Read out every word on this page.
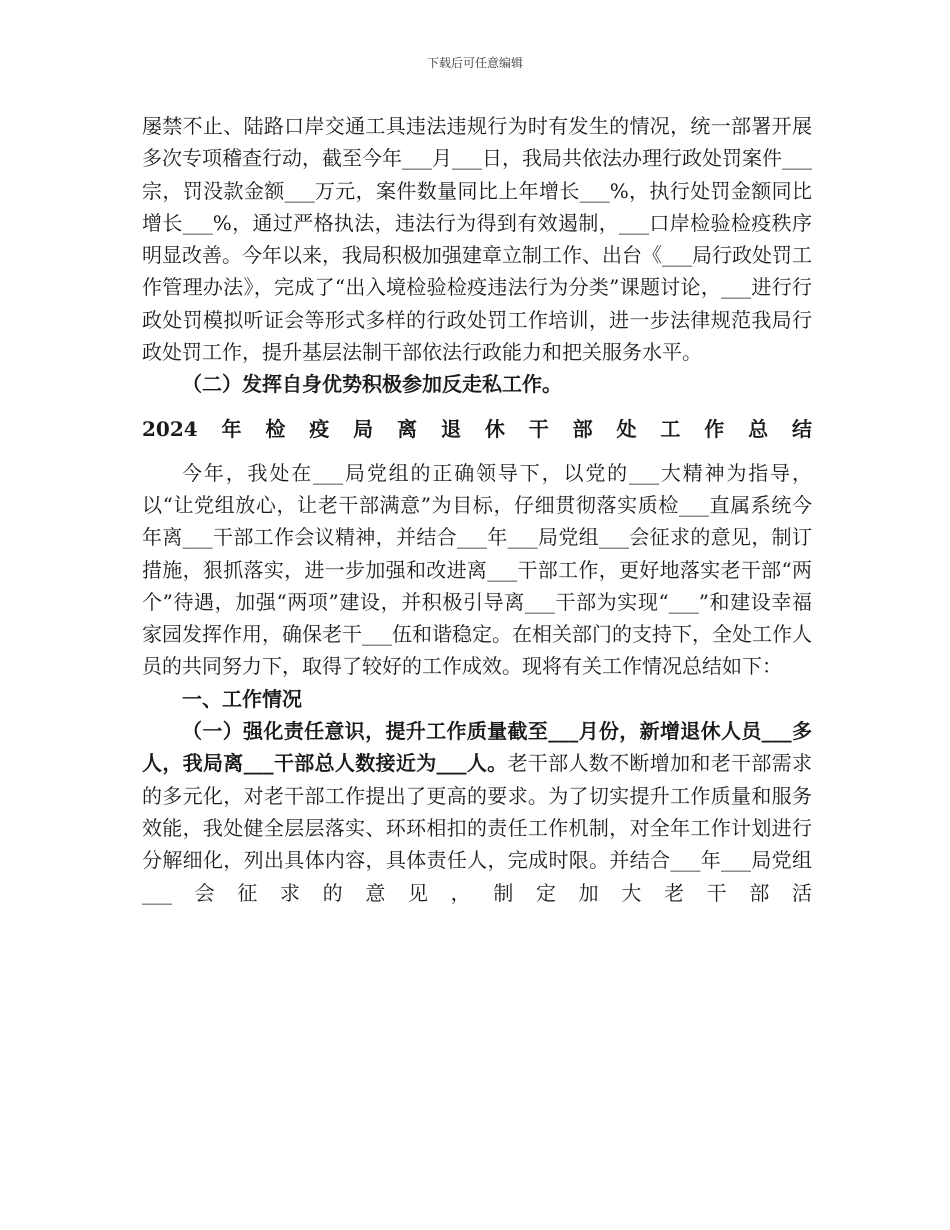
下载后可任意编辑

屡禁不止、陆路口岸交通工具违法违规行为时有发生的情况，统一部署开展多次专项稽查行动，截至今年___月___日，我局共依法办理行政处罚案件___宗，罚没款金额___万元，案件数量同比上年增长___%，执行处罚金额同比增长___%，通过严格执法，违法行为得到有效遏制，___口岸检验检疫秩序明显改善。今年以来，我局积极加强建章立制工作、出台《___局行政处罚工作管理办法》，完成了“出入境检验检疫违法行为分类”课题讨论，___进行行政处罚模拟听证会等形式多样的行政处罚工作培训，进一步法律规范我局行政处罚工作，提升基层法制干部依法行政能力和把关服务水平。

（二）发挥自身优势积极参加反走私工作。

2024年检疫局离退休干部处工作总结

今年，我处在___局党组的正确领导下，以党的___大精神为指导，以“让党组放心，让老干部满意”为目标，仔细贯彻落实质检___直属系统今年离___干部工作会议精神，并结合___年___局党组___会征求的意见，制订措施，狠抓落实，进一步加强和改进离___干部工作，更好地落实老干部“两个”待遇，加强“两项”建设，并积极引导离___干部为实现“___”和建设幸福家园发挥作用，确保老干___伍和谐稳定。在相关部门的支持下，全处工作人员的共同努力下，取得了较好的工作成效。现将有关工作情况总结如下：

一、工作情况

（一）强化责任意识，提升工作质量截至___月份，新增退休人员___多人，我局离___干部总人数接近为___人。老干部人数不断增加和老干部需求的多元化，对老干部工作提出了更高的要求。为了切实提升工作质量和服务效能，我处健全层层落实、环环相扣的责任工作机制，对全年工作计划进行分解细化，列出具体内容，具体责任人，完成时限。并结合___年___局党组___会征求的意见，制定加大老干部活
